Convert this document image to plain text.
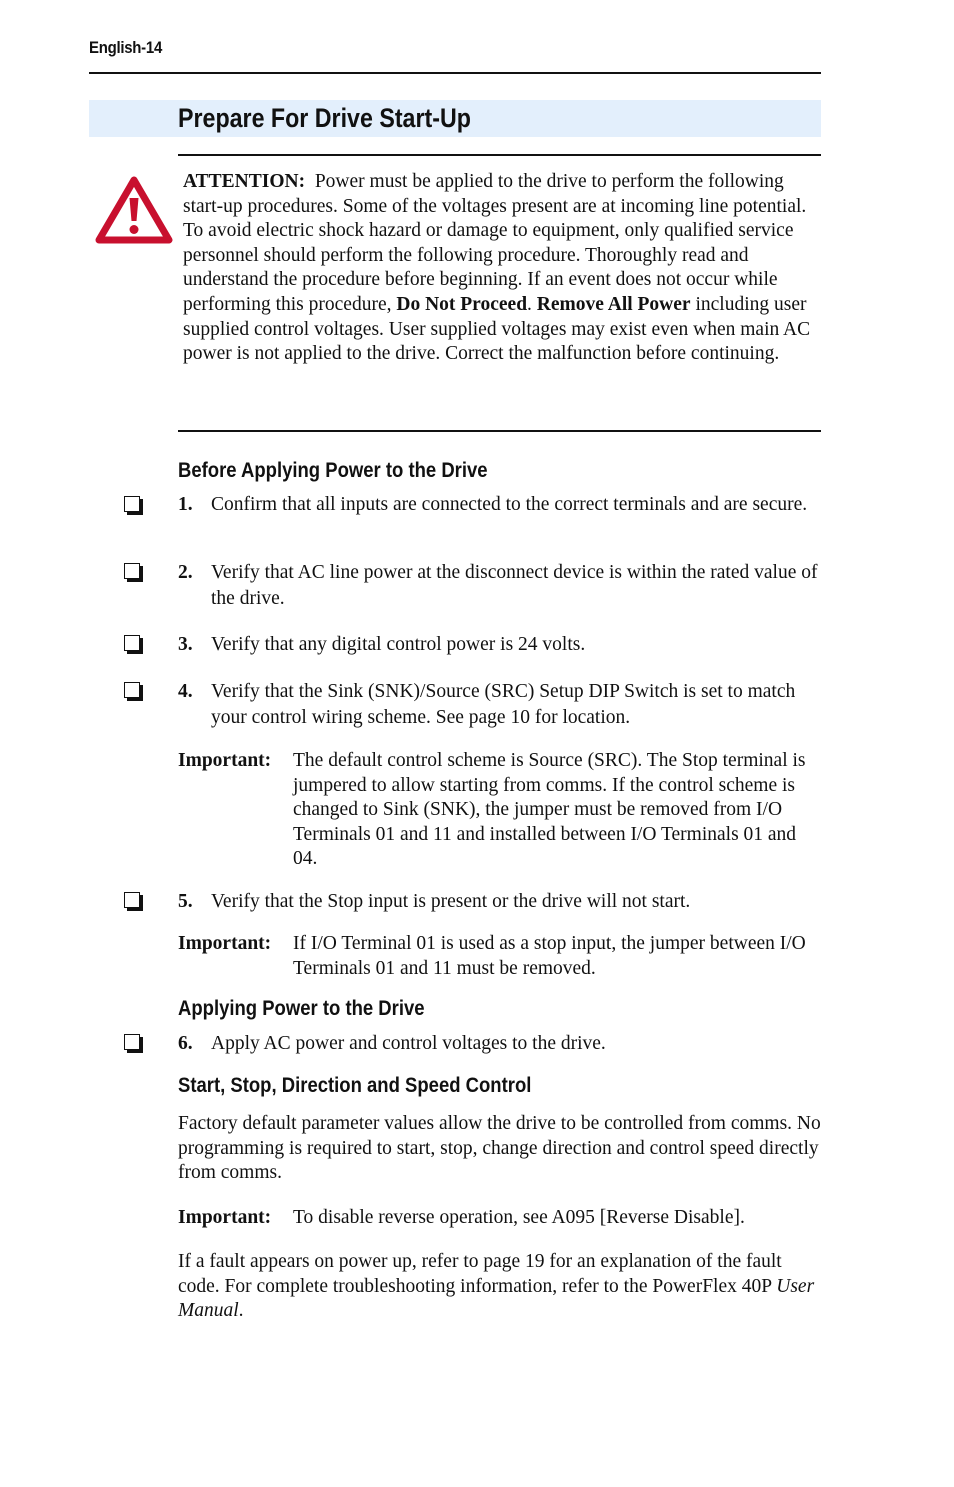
English-14
Prepare For Drive Start-Up
ATTENTION: Power must be applied to the drive to perform the following start-up procedures. Some of the voltages present are at incoming line potential. To avoid electric shock hazard or damage to equipment, only qualified service personnel should perform the following procedure. Thoroughly read and understand the procedure before beginning. If an event does not occur while performing this procedure, Do Not Proceed. Remove All Power including user supplied control voltages. User supplied voltages may exist even when main AC power is not applied to the drive. Correct the malfunction before continuing.
Before Applying Power to the Drive
1. Confirm that all inputs are connected to the correct terminals and are secure.
2. Verify that AC line power at the disconnect device is within the rated value of the drive.
3. Verify that any digital control power is 24 volts.
4. Verify that the Sink (SNK)/Source (SRC) Setup DIP Switch is set to match your control wiring scheme. See page 10 for location.
Important: The default control scheme is Source (SRC). The Stop terminal is jumpered to allow starting from comms. If the control scheme is changed to Sink (SNK), the jumper must be removed from I/O Terminals 01 and 11 and installed between I/O Terminals 01 and 04.
5. Verify that the Stop input is present or the drive will not start.
Important: If I/O Terminal 01 is used as a stop input, the jumper between I/O Terminals 01 and 11 must be removed.
Applying Power to the Drive
6. Apply AC power and control voltages to the drive.
Start, Stop, Direction and Speed Control
Factory default parameter values allow the drive to be controlled from comms. No programming is required to start, stop, change direction and control speed directly from comms.
Important: To disable reverse operation, see A095 [Reverse Disable].
If a fault appears on power up, refer to page 19 for an explanation of the fault code. For complete troubleshooting information, refer to the PowerFlex 40P User Manual.
